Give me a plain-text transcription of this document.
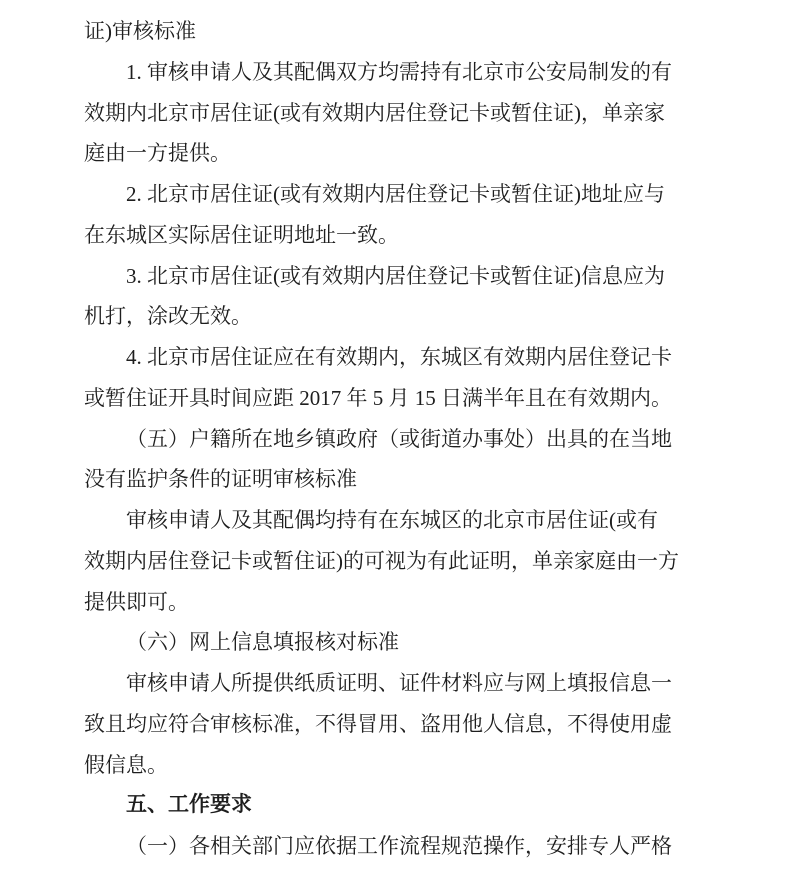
证)审核标准
1. 审核申请人及其配偶双方均需持有北京市公安局制发的有
效期内北京市居住证(或有效期内居住登记卡或暂住证)，单亲家
庭由一方提供。
2. 北京市居住证(或有效期内居住登记卡或暂住证)地址应与
在东城区实际居住证明地址一致。
3. 北京市居住证(或有效期内居住登记卡或暂住证)信息应为
机打，涂改无效。
4. 北京市居住证应在有效期内，东城区有效期内居住登记卡
或暂住证开具时间应距 2017 年 5 月 15 日满半年且在有效期内。
（五）户籍所在地乡镇政府（或街道办事处）出具的在当地
没有监护条件的证明审核标准
审核申请人及其配偶均持有在东城区的北京市居住证(或有
效期内居住登记卡或暂住证)的可视为有此证明，单亲家庭由一方
提供即可。
（六）网上信息填报核对标准
审核申请人所提供纸质证明、证件材料应与网上填报信息一
致且均应符合审核标准，不得冒用、盗用他人信息，不得使用虚
假信息。
五、工作要求
（一）各相关部门应依据工作流程规范操作，安排专人严格
